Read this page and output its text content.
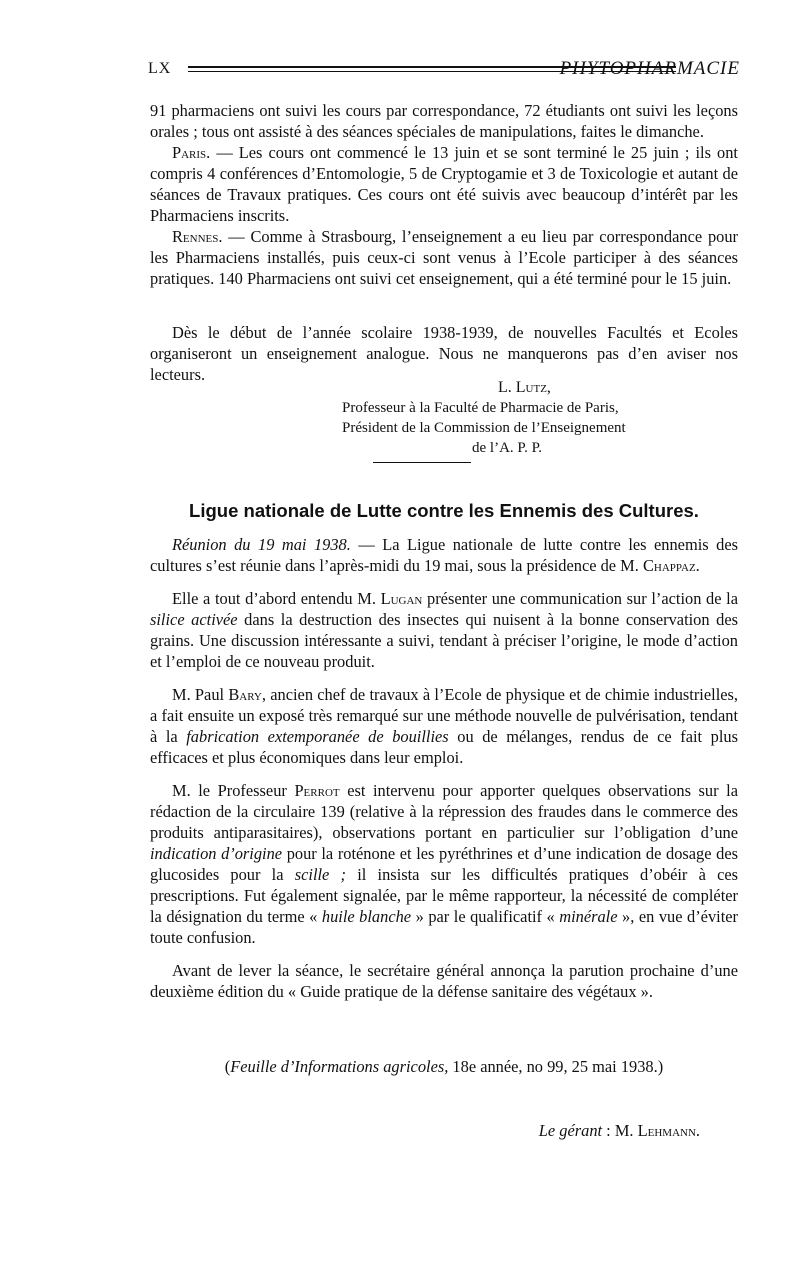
LX	PHYTOPHARMACIE

91 pharmaciens ont suivi les cours par correspondance, 72 étudiants ont suivi les leçons orales ; tous ont assisté à des séances spéciales de manipulations, faites le dimanche.

Paris. — Les cours ont commencé le 13 juin et se sont terminé le 25 juin ; ils ont compris 4 conférences d’Entomologie, 5 de Cryptogamie et 3 de Toxicologie et autant de séances de Travaux pratiques. Ces cours ont été suivis avec beaucoup d’intérêt par les Pharmaciens inscrits.

Rennes. — Comme à Strasbourg, l’enseignement a eu lieu par correspondance pour les Pharmaciens installés, puis ceux-ci sont venus à l’Ecole participer à des séances pratiques. 140 Pharmaciens ont suivi cet enseignement, qui a été terminé pour le 15 juin.

Dès le début de l’année scolaire 1938-1939, de nouvelles Facultés et Ecoles organiseront un enseignement analogue. Nous ne manquerons pas d’en aviser nos lecteurs.

L. Lutz,
Professeur à la Faculté de Pharmacie de Paris,
Président de la Commission de l’Enseignement
de l’A. P. P.
Ligue nationale de Lutte contre les Ennemis des Cultures.

Réunion du 19 mai 1938. — La Ligue nationale de lutte contre les ennemis des cultures s’est réunie dans l’après-midi du 19 mai, sous la présidence de M. Chappaz.

Elle a tout d’abord entendu M. Lugan présenter une communication sur l’action de la silice activée dans la destruction des insectes qui nuisent à la bonne conservation des grains. Une discussion intéressante a suivi, tendant à préciser l’origine, le mode d’action et l’emploi de ce nouveau produit.

M. Paul Bary, ancien chef de travaux à l’Ecole de physique et de chimie industrielles, a fait ensuite un exposé très remarqué sur une méthode nouvelle de pulvérisation, tendant à la fabrication extemporanée de bouillies ou de mélanges, rendus de ce fait plus efficaces et plus économiques dans leur emploi.

M. le Professeur Perrot est intervenu pour apporter quelques observations sur la rédaction de la circulaire 139 (relative à la répression des fraudes dans le commerce des produits antiparasitaires), observations portant en particulier sur l’obligation d’une indication d’origine pour la roténone et les pyréthrines et d’une indication de dosage des glucosides pour la scille ; il insista sur les difficultés pratiques d’obéir à ces prescriptions. Fut également signalée, par le même rapporteur, la nécessité de compléter la désignation du terme « huile blanche » par le qualificatif « minérale », en vue d’éviter toute confusion.

Avant de lever la séance, le secrétaire général annonça la parution prochaine d’une deuxième édition du « Guide pratique de la défense sanitaire des végétaux ».

(Feuille d’Informations agricoles, 18e année, no 99, 25 mai 1938.)
Le gérant : M. Lehmann.
